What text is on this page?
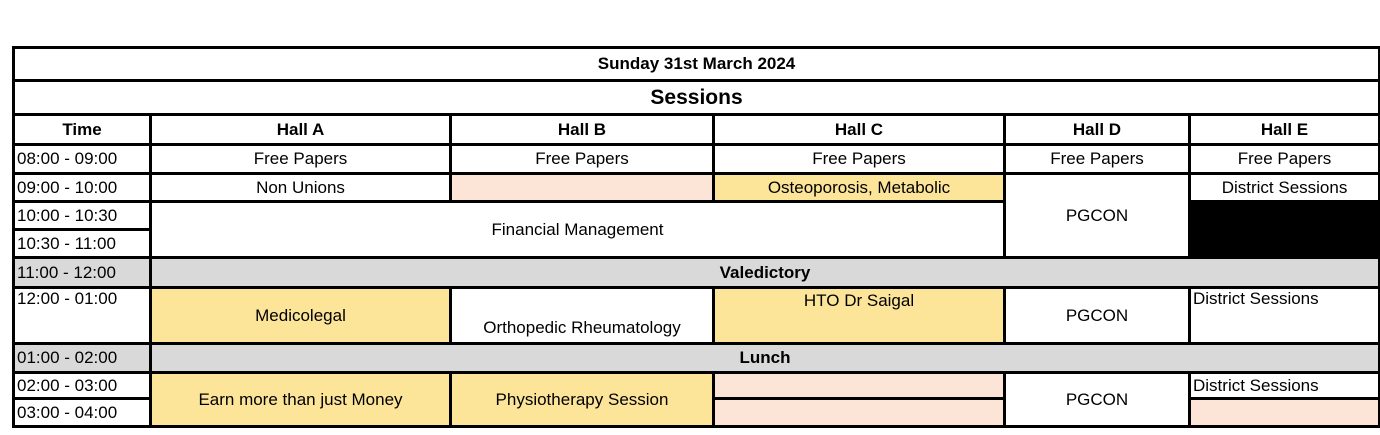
Sunday 31st March 2024					
Sessions					
Time	Hall A	Hall B	Hall C	Hall D	Hall E
08:00 - 09:00	Free Papers	Free Papers	Free Papers	Free Papers	Free Papers
09:00 - 10:00	Non Unions		Osteoporosis, Metabolic	PGCON	District Sessions
10:00 - 10:30	Financial Management				
10:30 - 11:00					
11:00 - 12:00	Valedictory				
12:00 - 01:00	Medicolegal	Orthopedic Rheumatology	HTO Dr Saigal	PGCON	District Sessions
01:00 - 02:00	Lunch				
02:00 - 03:00	Earn more than just Money	Physiotherapy Session		PGCON	District Sessions
03:00 - 04:00					
